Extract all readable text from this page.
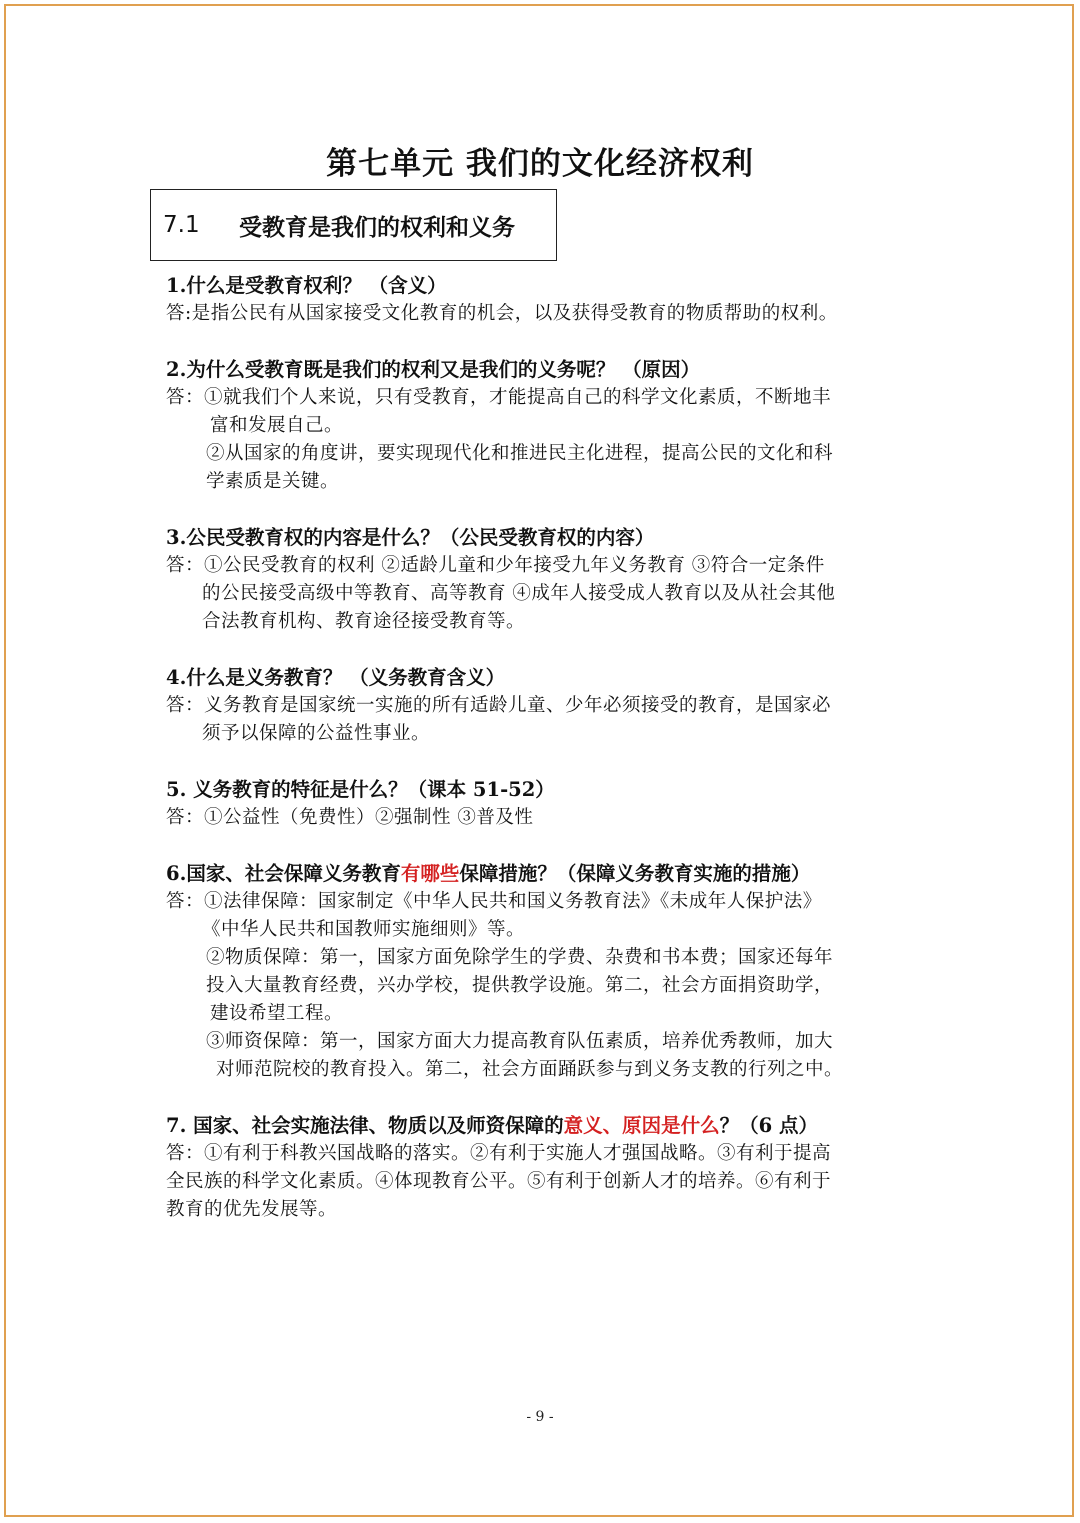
第七单元 我们的文化经济权利
7.1	受教育是我们的权利和义务

1.什么是受教育权利？ （含义）

答:是指公民有从国家接受文化教育的机会，以及获得受教育的物质帮助的权利。

2.为什么受教育既是我们的权利又是我们的义务呢？ （原因）

答：①就我们个人来说，只有受教育，才能提高自己的科学文化素质，不断地丰

富和发展自己。

②从国家的角度讲，要实现现代化和推进民主化进程，提高公民的文化和科

学素质是关键。

3.公民受教育权的内容是什么？（公民受教育权的内容）

答：①公民受教育的权利 ②适龄儿童和少年接受九年义务教育 ③符合一定条件

的公民接受高级中等教育、高等教育 ④成年人接受成人教育以及从社会其他

合法教育机构、教育途径接受教育等。

4.什么是义务教育？ （义务教育含义）

答：义务教育是国家统一实施的所有适龄儿童、少年必须接受的教育，是国家必

须予以保障的公益性事业。

5. 义务教育的特征是什么？（课本 51-52）

答：①公益性（免费性）②强制性 ③普及性

6.国家、社会保障义务教育有哪些保障措施？（保障义务教育实施的措施）

答：①法律保障：国家制定《中华人民共和国义务教育法》《未成年人保护法》

《中华人民共和国教师实施细则》等。

②物质保障：第一，国家方面免除学生的学费、杂费和书本费；国家还每年

投入大量教育经费，兴办学校，提供教学设施。第二，社会方面捐资助学，

建设希望工程。

③师资保障：第一，国家方面大力提高教育队伍素质，培养优秀教师，加大

对师范院校的教育投入。第二，社会方面踊跃参与到义务支教的行列之中。

7. 国家、社会实施法律、物质以及师资保障的意义、原因是什么？（6 点）

答：①有利于科教兴国战略的落实。②有利于实施人才强国战略。③有利于提高

全民族的科学文化素质。④体现教育公平。⑤有利于创新人才的培养。⑥有利于

教育的优先发展等。

- 9 -
